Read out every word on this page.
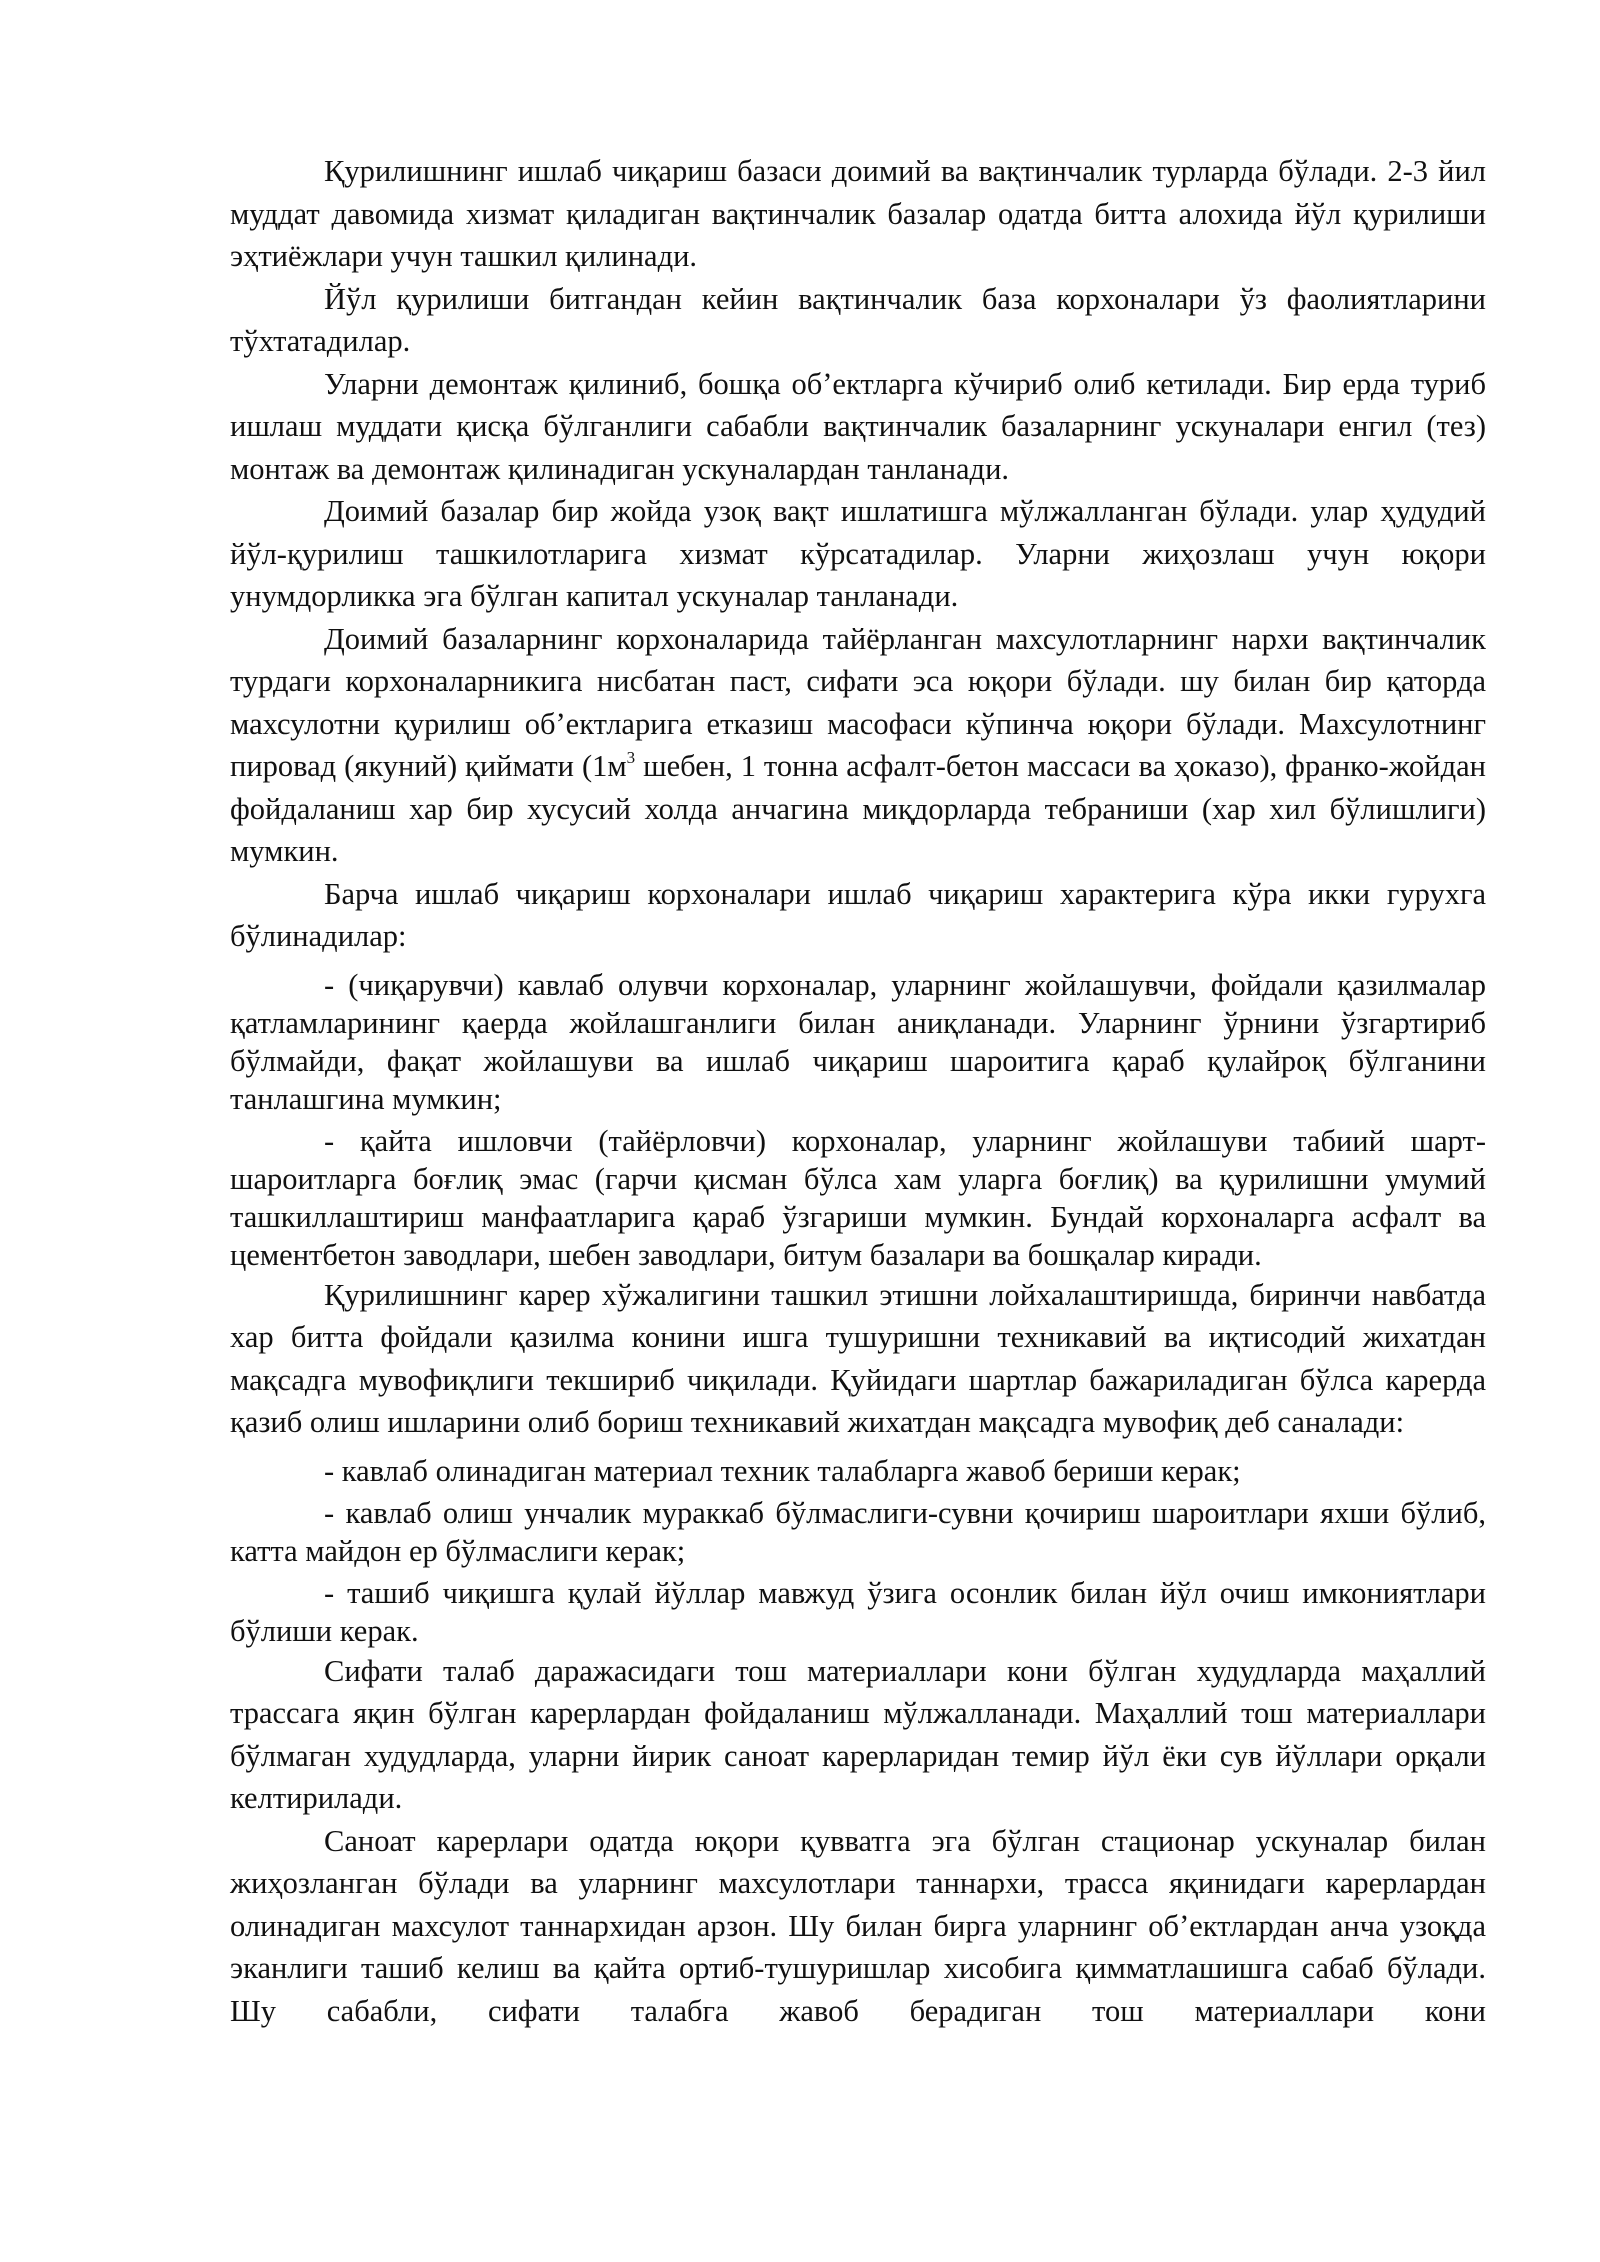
Қурилишнинг ишлаб чиқариш базаси доимий ва вақтинчалик турларда бўлади. 2-3 йил муддат давомида хизмат қиладиган вақтинчалик базалар одатда битта алохида йўл қурилиши эҳтиёжлари учун ташкил қилинади.

Йўл қурилиши битгандан кейин вақтинчалик база корхоналари ўз фаолиятларини тўхтатадилар.

Уларни демонтаж қилиниб, бошқа обʼектларга кўчириб олиб кетилади. Бир ерда туриб ишлаш муддати қисқа бўлганлиги сабабли вақтинчалик базаларнинг ускуналари енгил (тез) монтаж ва демонтаж қилинадиган ускуналардан танланади.

Доимий базалар бир жойда узоқ вақт ишлатишга мўлжалланган бўлади. улар ҳудудий йўл-қурилиш ташкилотларига хизмат кўрсатадилар. Уларни жиҳозлаш учун юқори унумдорликка эга бўлган капитал ускуналар танланади.

Доимий базаларнинг корхоналарида тайёрланган махсулотларнинг нархи вақтинчалик турдаги корхоналарникига нисбатан паст, сифати эса юқори бўлади. шу билан бир қаторда махсулотни қурилиш обʼектларига етказиш масофаси кўпинча юқори бўлади. Махсулотнинг пировад (якуний) қиймати ($1м^3$ шебен, 1 тонна асфалт-бетон массаси ва ҳоказо), франко-жойдан фойдаланиш хар бир хусусий холда анчагина миқдорларда тебраниши (хар хил бўлишлиги) мумкин.

Барча ишлаб чиқариш корхоналари ишлаб чиқариш характерига кўра икки гурухга бўлинадилар:

- (чиқарувчи) кавлаб олувчи корхоналар, уларнинг жойлашувчи, фойдали қазилмалар қатламларининг қаерда жойлашганлиги билан аниқланади. Уларнинг ўрнини ўзгартириб бўлмайди, фақат жойлашуви ва ишлаб чиқариш шароитига қараб қулайроқ бўлганини танлашгина мумкин;

- қайта ишловчи (тайёрловчи) корхоналар, уларнинг жойлашуви табиий шарт-шароитларга боғлиқ эмас (гарчи қисман бўлса хам уларга боғлиқ) ва қурилишни умумий ташкиллаштириш манфаатларига қараб ўзгариши мумкин. Бундай корхоналарга асфалт ва цементбетон заводлари, шебен заводлари, битум базалари ва бошқалар киради.

Қурилишнинг карер хўжалигини ташкил этишни лойхалаштиришда, биринчи навбатда хар битта фойдали қазилма конини ишга тушуришни техникавий ва иқтисодий жихатдан мақсадга мувофиқлиги текшириб чиқилади. Қуйидаги шартлар бажариладиган бўлса карерда қазиб олиш ишларини олиб бориш техникавий жихатдан мақсадга мувофиқ деб саналади:

- кавлаб олинадиган материал техник талабларга жавоб бериши керак;

- кавлаб олиш унчалик мураккаб бўлмаслиги-сувни қочириш шароитлари яхши бўлиб, катта майдон ер бўлмаслиги керак;

- ташиб чиқишга қулай йўллар мавжуд ўзига осонлик билан йўл очиш имкониятлари бўлиши керак.

Сифати талаб даражасидаги тош материаллари кони бўлган худудларда маҳаллий трассага яқин бўлган карерлардан фойдаланиш мўлжалланади. Маҳаллий тош материаллари бўлмаган худудларда, уларни йирик саноат карерларидан темир йўл ёки сув йўллари орқали келтирилади.

Саноат карерлари одатда юқори қувватга эга бўлган стационар ускуналар билан жиҳозланган бўлади ва уларнинг махсулотлари таннархи, трасса яқинидаги карерлардан олинадиган махсулот таннархидан арзон. Шу билан бирга уларнинг обʼектлардан анча узоқда эканлиги ташиб келиш ва қайта ортиб-тушуришлар хисобига қимматлашишга сабаб бўлади. Шу сабабли, сифати талабга жавоб берадиган тош материаллари кони
